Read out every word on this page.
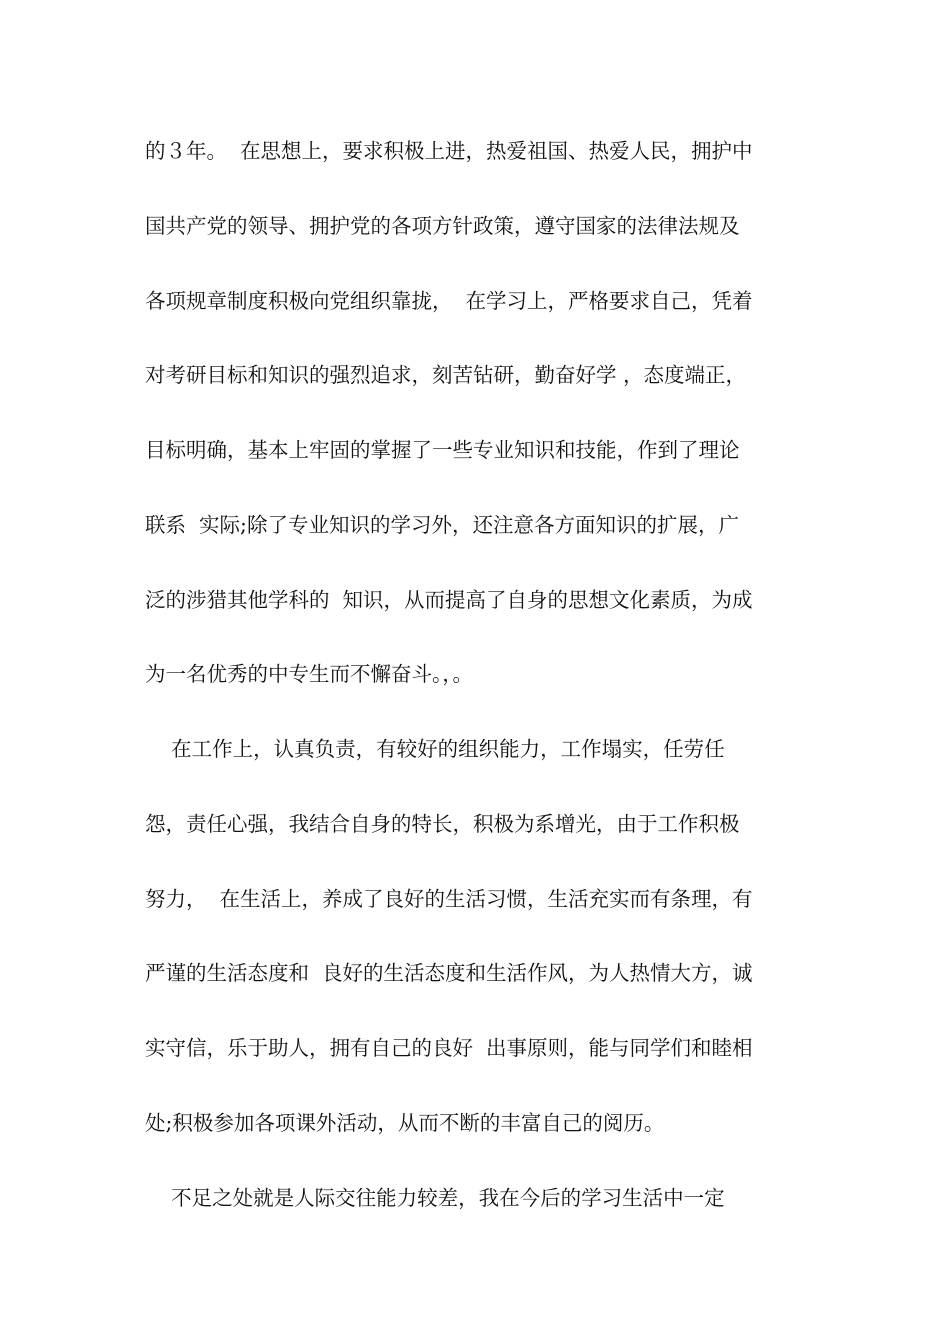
的３年。  在思想上，要求积极上进，热爱祖国、热爱人民，拥护中
国共产党的领导、拥护党的各项方针政策，遵守国家的法律法规及
各项规章制度积极向党组织靠拢，  在学习上，严格要求自己，凭着
对考研目标和知识的强烈追求，刻苦钻研，勤奋好学 ，态度端正，
目标明确，基本上牢固的掌握了一些专业知识和技能，作到了理论
联系  实际;除了专业知识的学习外，还注意各方面知识的扩展，广
泛的涉猎其他学科的  知识，从而提高了自身的思想文化素质，为成
为一名优秀的中专生而不懈奋斗。，。
在工作上，认真负责，有较好的组织能力，工作塌实，任劳任
怨，责任心强，我结合自身的特长，积极为系增光，由于工作积极
努力，  在生活上，养成了良好的生活习惯，生活充实而有条理，有
严谨的生活态度和  良好的生活态度和生活作风，为人热情大方，诚
实守信，乐于助人，拥有自己的良好  出事原则，能与同学们和睦相
处;积极参加各项课外活动，从而不断的丰富自己的阅历。
不足之处就是人际交往能力较差，我在今后的学习生活中一定
